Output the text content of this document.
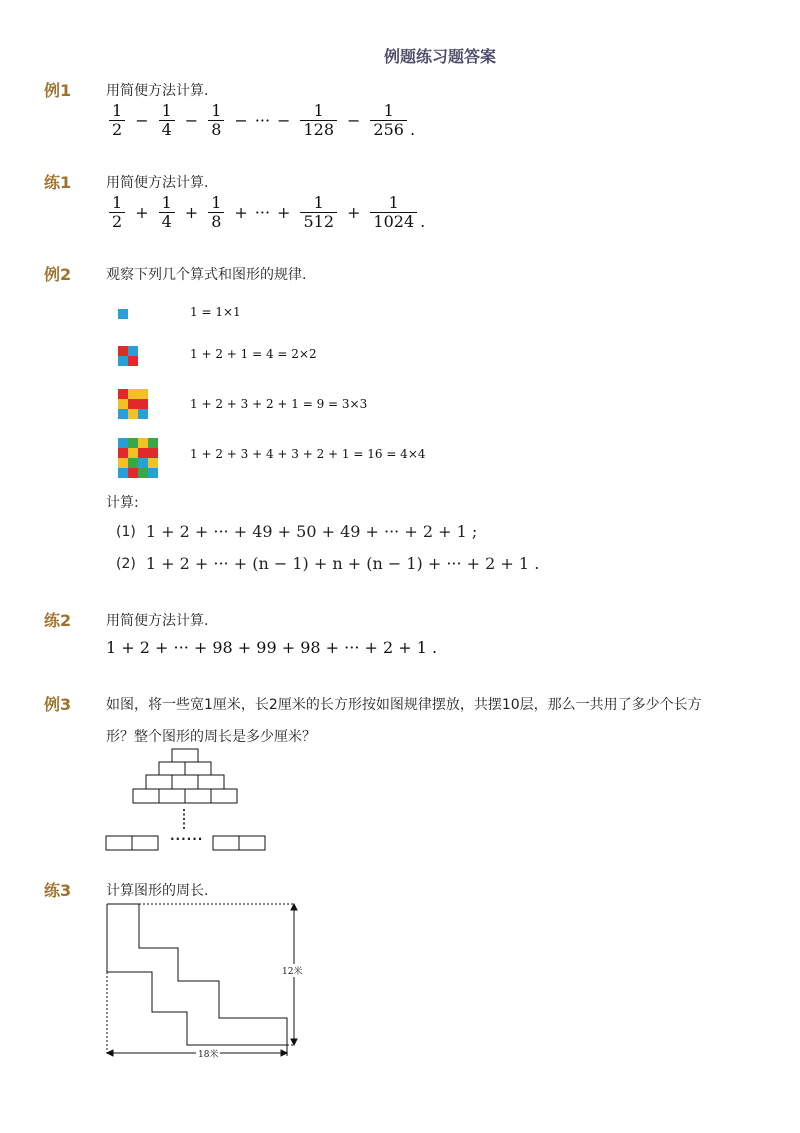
例题练习题答案
例1 用简便方法计算.
$\frac{1}{2} - \frac{1}{4} - \frac{1}{8}$ − ··· − $\frac{1}{128} - \frac{1}{256}$ .
练1 用简便方法计算.
$\frac{1}{2} + \frac{1}{4} + \frac{1}{8}$ + ··· + $\frac{1}{512} + \frac{1}{1024}$ .
例2 观察下列几个算式和图形的规律.
1 = 1×1
1 + 2 + 1 = 4 = 2×2
1 + 2 + 3 + 2 + 1 = 9 = 3×3
1 + 2 + 3 + 4 + 3 + 2 + 1 = 16 = 4×4
计算:
(1) 1 + 2 + ··· + 49 + 50 + 49 + ··· + 2 + 1 ;
(2) 1 + 2 + ··· + (n − 1) + n + (n − 1) + ··· + 2 + 1 .
练2 用简便方法计算.
1 + 2 + ··· + 98 + 99 + 98 + ··· + 2 + 1 .
例3 如图，将一些宽1厘米，长2厘米的长方形按如图规律摆放，共摆10层，那么一共用了多少个长方
形？整个图形的周长是多少厘米？
······
练3 计算图形的周长.
12米
18米
